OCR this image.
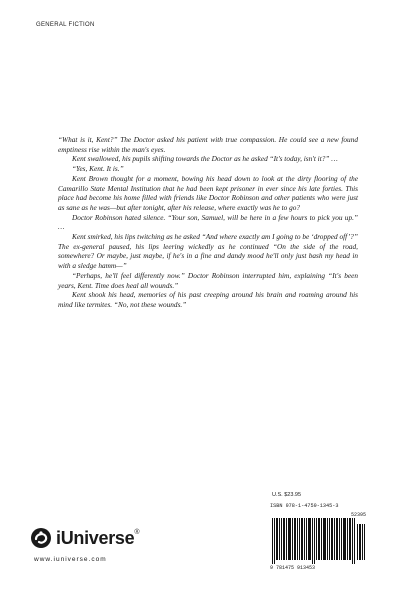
GENERAL FICTION

“What is it, Kent?” The Doctor asked his patient with true compassion. He could see a new found emptiness rise within the man's eyes.

Kent swallowed, his pupils shifting towards the Doctor as he asked “It's today, isn't it?” …

“Yes, Kent. It is.”

Kent Brown thought for a moment, bowing his head down to look at the dirty flooring of the Camarillo State Mental Institution that he had been kept prisoner in ever since his late forties. This place had become his home filled with friends like Doctor Robinson and other patients who were just as sane as he was—but after tonight, after his release, where exactly was he to go?

Doctor Robinson hated silence. “Your son, Samuel, will be here in a few hours to pick you up.” …

Kent smirked, his lips twitching as he asked “And where exactly am I going to be ‘dropped off’?” The ex-general paused, his lips leering wickedly as he continued “On the side of the road, somewhere? Or maybe, just maybe, if he's in a fine and dandy mood he'll only just bash my head in with a sledge hamm—”

“Perhaps, he'll feel differently now.” Doctor Robinson interrupted him, explaining “It's been years, Kent. Time does heal all wounds.”

Kent shook his head, memories of his past creeping around his brain and roaming around his mind like termites. “No, not these wounds.”

U.S. $23.95
ISBN 978-1-4759-1345-3
52395
9 781475 913453
iUniverse ®
www.iuniverse.com
